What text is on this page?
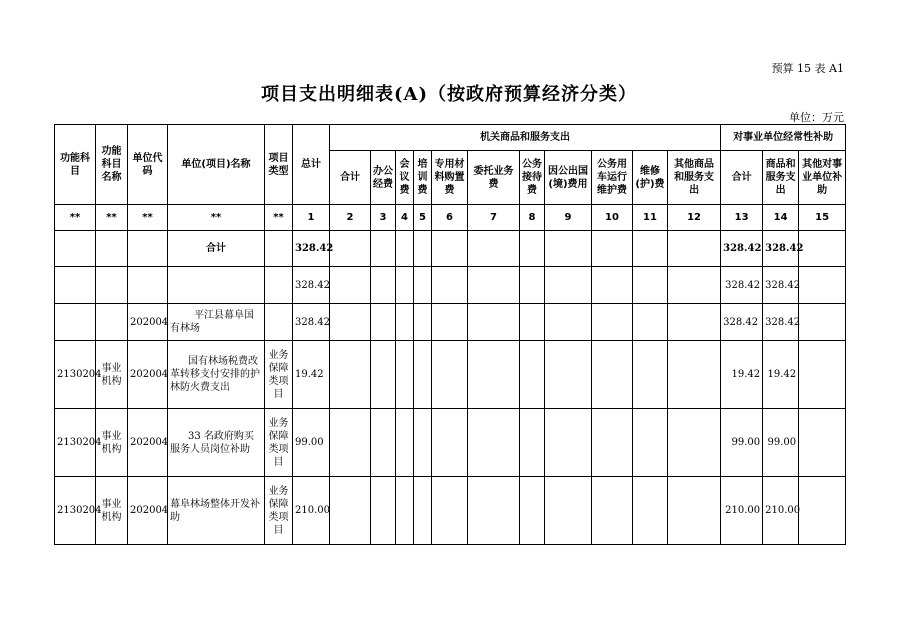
预算 15 表 A1
项目支出明细表(A)（按政府预算经济分类）
单位：万元
功能科目	功能科目名称	单位代码	单位(项目)名称	项目类型	总计	机关商品和服务支出											对事业单位经常性补助		
						合计	办公经费	会议费	培训费	专用材料购置费	委托业务费	公务接待费	因公出国(境)费用	公务用车运行维护费	维修(护)费	其他商品和服务支出	合计	商品和服务支出	其他对事业单位补助
**	**	**	**	**	1	2	3	4	5	6	7	8	9	10	11	12	13	14	15
			合计		328.42												328.42	328.42	
					328.42												328.42	328.42	
		202004	平江县幕阜国有林场		328.42												328.42	328.42	
2130204	事业机构	202004	国有林场税费改革转移支付安排的护林防火费支出	业务保障类项目	19.42												19.42	19.42	
2130204	事业机构	202004	33 名政府购买服务人员岗位补助	业务保障类项目	99.00												99.00	99.00	
2130204	事业机构	202004	幕阜林场整体开发补助	业务保障类项目	210.00												210.00	210.00	
